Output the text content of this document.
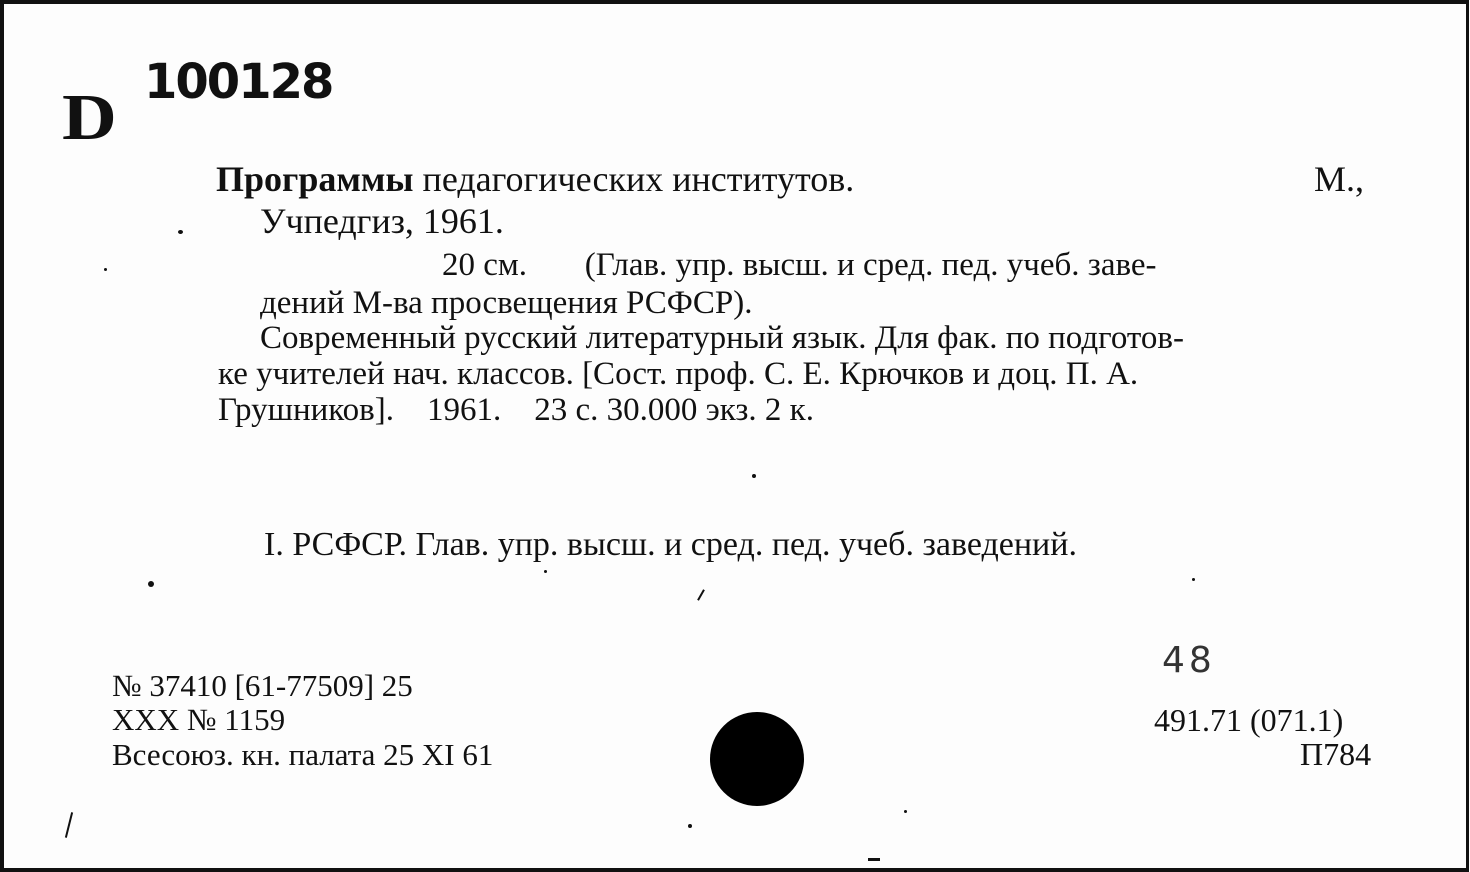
D 100128
Программы педагогических институтов.	М.,
Учпедгиз, 1961.
20 см.       (Глав. упр. высш. и сред. пед. учеб. заве-
дений М-ва просвещения РСФСР).
Современный русский литературный язык. Для фак. по подготов-
ке учителей нач. классов. [Сост. проф. С. Е. Крючков и доц. П. А.
Грушников].    1961.    23 с. 30.000 экз. 2 к.
I. РСФСР. Глав. упр. высш. и сред. пед. учеб. заведений.
№ 37410 [61-77509] 25
XXX № 1159
Всесоюз. кн. палата 25 XI 61
48
491.71 (071.1)
П784
